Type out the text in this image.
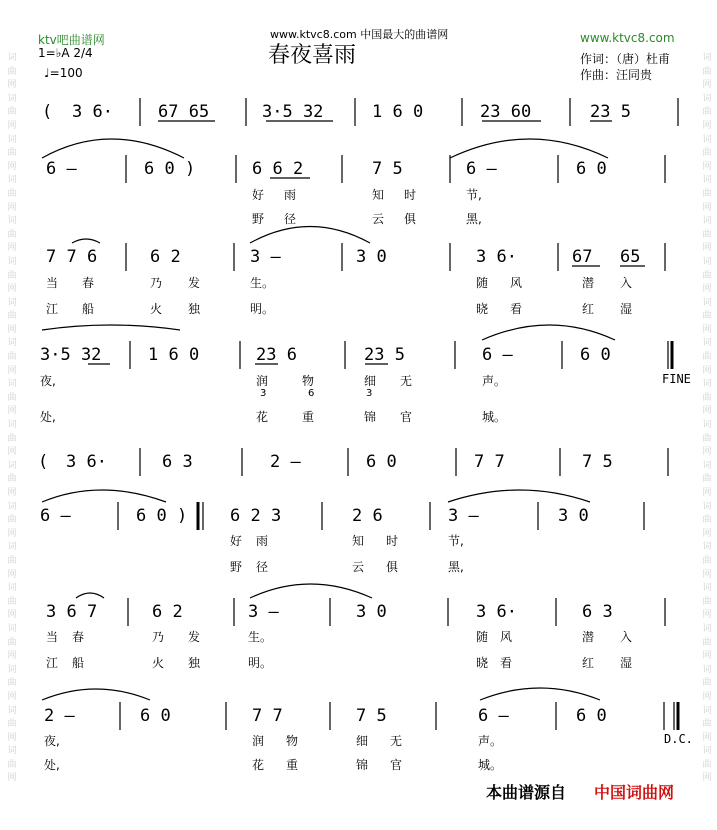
词曲网词曲网词曲网词曲网词曲网词曲网词曲网词曲网词曲网词曲网词曲网词曲网词曲网词曲网词曲网词曲网词曲网词曲网
词曲网词曲网词曲网词曲网词曲网词曲网词曲网词曲网词曲网词曲网词曲网词曲网词曲网词曲网词曲网词曲网词曲网词曲网
ktv吧曲谱网	www.ktvc8.com 中国最大的曲谱网	www.ktvc8.com
春夜喜雨	作词：（唐）杜甫
作曲：汪同贵
1=♭A 2/4
♩=100
( 3 6·	67 65	3·5 32	1 6 0	23 60	23 5
6 –	6 0 )	6 6 2	7 5	6 –	6 0
好 雨	知 时	节,
野 径	云 俱	黑,
7 7 6	6 2	3 –	3 0	3 6·	67 65
当 春	乃 发	生。	随 风	潜 入
江 船	火 独	明。	晓 看	红 湿
3·5 32	1 6 0	23 6	23 5	6 –	6 0
FINE
夜,	润	物	细 无	声。
3	6	3
处,	花	重	锦 官	城。
( 3 6·	6 3	2 –	6 0	7 7	7 5
6 –	6 0 )	6 2 3	2 6	3 –	3 0
好 雨	知 时	节,
野 径	云 俱	黑,
3 6 7	6 2	3 –	3 0	3 6·	6 3
当 春	乃 发	生。	随 风	潜 入
江 船	火 独	明。	晓 看	红 湿
2 –	6 0	7 7	7 5	6 –	6 0
D.C.
夜,	润 物	细 无	声。
处,	花 重	锦 官	城。
本曲谱源自 中国词曲网
